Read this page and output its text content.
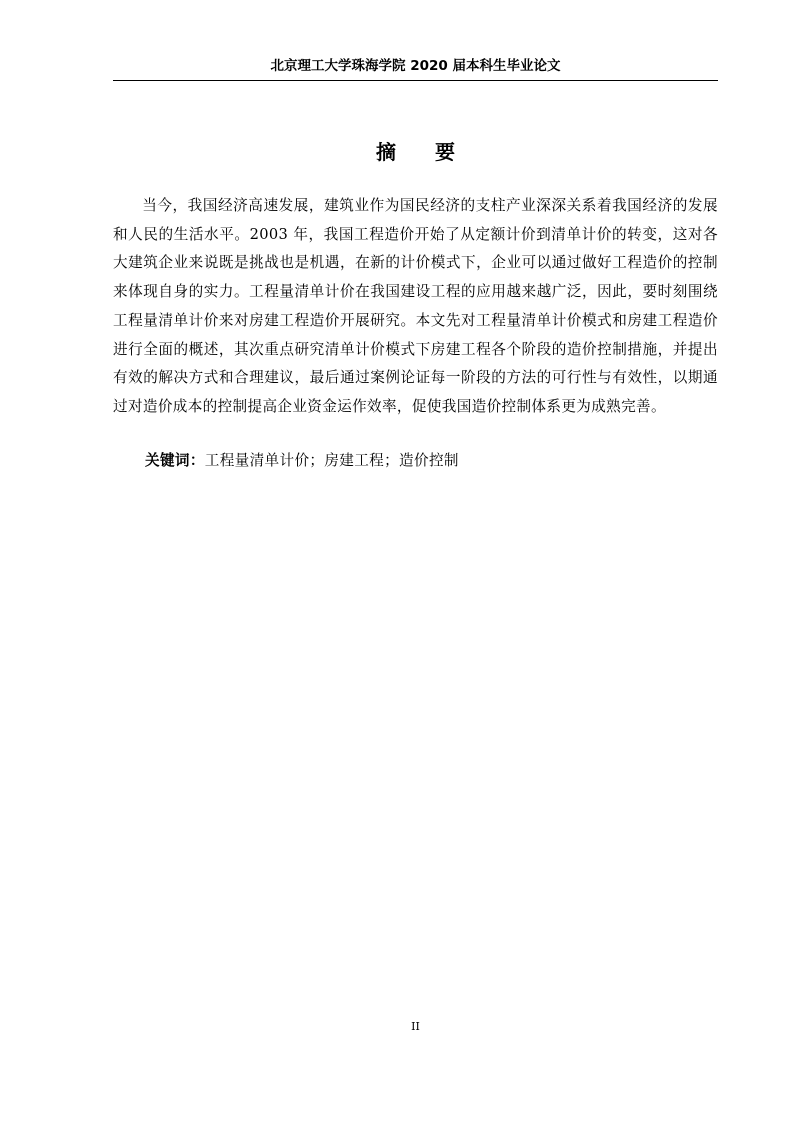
北京理工大学珠海学院 2020 届本科生毕业论文
摘 要

当今，我国经济高速发展，建筑业作为国民经济的支柱产业深深关系着我国经济的发展和人民的生活水平。2003 年，我国工程造价开始了从定额计价到清单计价的转变，这对各大建筑企业来说既是挑战也是机遇，在新的计价模式下，企业可以通过做好工程造价的控制来体现自身的实力。工程量清单计价在我国建设工程的应用越来越广泛，因此，要时刻围绕工程量清单计价来对房建工程造价开展研究。本文先对工程量清单计价模式和房建工程造价进行全面的概述，其次重点研究清单计价模式下房建工程各个阶段的造价控制措施，并提出有效的解决方式和合理建议，最后通过案例论证每一阶段的方法的可行性与有效性，以期通过对造价成本的控制提高企业资金运作效率，促使我国造价控制体系更为成熟完善。

关键词：工程量清单计价；房建工程；造价控制

II
